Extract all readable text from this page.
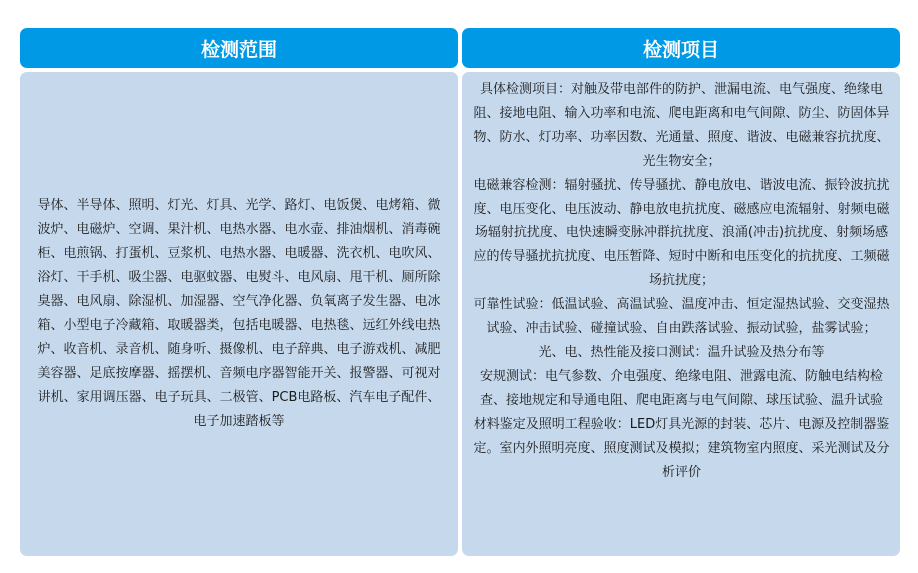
检测范围	检测项目

导体、半导体、照明、灯光、灯具、光学、路灯、电饭煲、电烤箱、微波炉、电磁炉、空调、果汁机、电热水器、电水壶、排油烟机、消毒碗柜、电煎锅、打蛋机、豆浆机、电热水器、电暖器、洗衣机、电吹风、浴灯、干手机、吸尘器、电驱蚊器、电熨斗、电风扇、甩干机、厕所除臭器、电风扇、除湿机、加湿器、空气净化器、负氧离子发生器、电冰箱、小型电子冷藏箱、取暖器类，包括电暖器、电热毯、远红外线电热炉、收音机、录音机、随身听、摄像机、电子辞典、电子游戏机、减肥美容器、足底按摩器、摇摆机、音频电序器智能开关、报警器、可视对讲机、家用调压器、电子玩具、二极管、PCB电路板、汽车电子配件、电子加速踏板等

具体检测项目：对触及带电部件的防护、泄漏电流、电气强度、绝缘电阻、接地电阻、输入功率和电流、爬电距离和电气间隙、防尘、防固体异物、防水、灯功率、功率因数、光通量、照度、谐波、电磁兼容抗扰度、光生物安全；

电磁兼容检测：辐射骚扰、传导骚扰、静电放电、谐波电流、振铃波抗扰度、电压变化、电压波动、静电放电抗扰度、磁感应电流辐射、射频电磁场辐射抗扰度、电快速瞬变脉冲群抗扰度、浪涌(冲击)抗扰度、射频场感应的传导骚扰抗扰度、电压暂降、短时中断和电压变化的抗扰度、工频磁场抗扰度；

可靠性试验：低温试验、高温试验、温度冲击、恒定湿热试验、交变湿热试验、冲击试验、碰撞试验、自由跌落试验、振动试验，盐雾试验；

光、电、热性能及接口测试：温升试验及热分布等

安规测试：电气参数、介电强度、绝缘电阻、泄露电流、防触电结构检查、接地规定和导通电阻、爬电距离与电气间隙、球压试验、温升试验

材料鉴定及照明工程验收：LED灯具光源的封装、芯片、电源及控制器鉴定。室内外照明亮度、照度测试及模拟；建筑物室内照度、采光测试及分析评价
